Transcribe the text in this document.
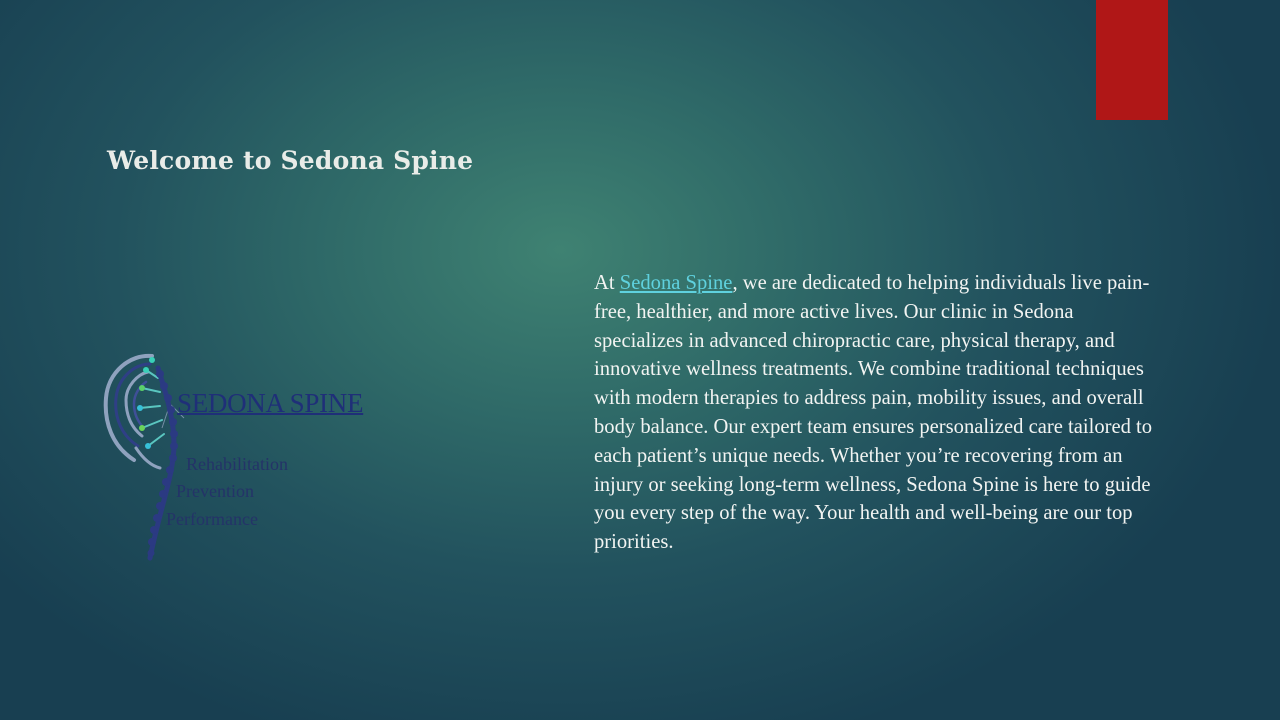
Welcome to Sedona Spine
SEDONA SPINE
Rehabilitation
Prevention
Performance

At Sedona Spine, we are dedicated to helping individuals live pain-free, healthier, and more active lives. Our clinic in Sedona specializes in advanced chiropractic care, physical therapy, and innovative wellness treatments. We combine traditional techniques with modern therapies to address pain, mobility issues, and overall body balance. Our expert team ensures personalized care tailored to each patient’s unique needs. Whether you’re recovering from an injury or seeking long-term wellness, Sedona Spine is here to guide you every step of the way. Your health and well-being are our top priorities.
